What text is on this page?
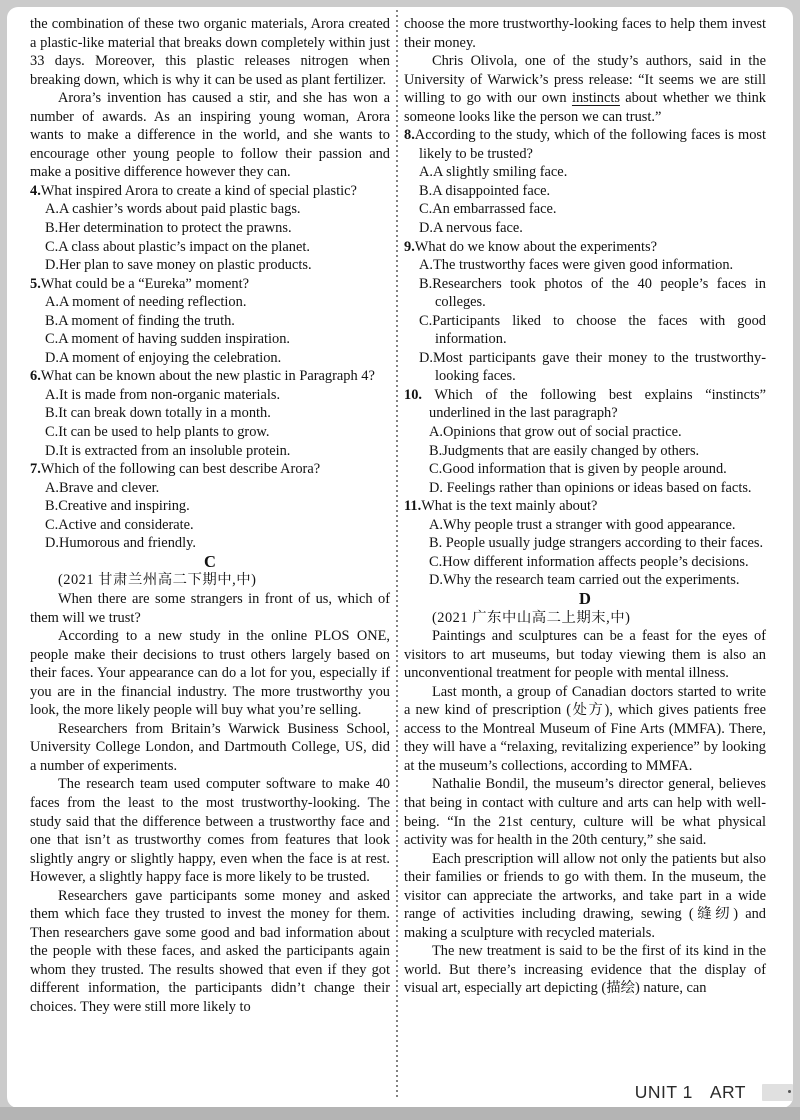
the combination of these two organic materials, Arora created a plastic-like material that breaks down completely within just 33 days. Moreover, this plastic releases nitrogen when breaking down, which is why it can be used as plant fertilizer.
Arora’s invention has caused a stir, and she has won a number of awards. As an inspiring young woman, Arora wants to make a difference in the world, and she wants to encourage other young people to follow their passion and make a positive difference however they can.
4.What inspired Arora to create a kind of special plastic?
A.A cashier’s words about paid plastic bags.
B.Her determination to protect the prawns.
C.A class about plastic’s impact on the planet.
D.Her plan to save money on plastic products.
5.What could be a “Eureka” moment?
A.A moment of needing reflection.
B.A moment of finding the truth.
C.A moment of having sudden inspiration.
D.A moment of enjoying the celebration.
6.What can be known about the new plastic in Paragraph 4?
A.It is made from non-organic materials.
B.It can break down totally in a month.
C.It can be used to help plants to grow.
D.It is extracted from an insoluble protein.
7.Which of the following can best describe Arora?
A.Brave and clever.
B.Creative and inspiring.
C.Active and considerate.
D.Humorous and friendly.
C
(2021 甘肃兰州高二下期中,中)
When there are some strangers in front of us, which of them will we trust?
According to a new study in the online PLOS ONE, people make their decisions to trust others largely based on their faces. Your appearance can do a lot for you, especially if you are in the financial industry. The more trustworthy you look, the more likely people will buy what you’re selling.
Researchers from Britain’s Warwick Business School, University College London, and Dartmouth College, US, did a number of experiments.
The research team used computer software to make 40 faces from the least to the most trustworthy-looking. The study said that the difference between a trustworthy face and one that isn’t as trustworthy comes from features that look slightly angry or slightly happy, even when the face is at rest. However, a slightly happy face is more likely to be trusted.
Researchers gave participants some money and asked them which face they trusted to invest the money for them. Then researchers gave some good and bad information about the people with these faces, and asked the participants again whom they trusted. The results showed that even if they got different information, the participants didn’t change their choices. They were still more likely to
choose the more trustworthy-looking faces to help them invest their money.
Chris Olivola, one of the study’s authors, said in the University of Warwick’s press release: “It seems we are still willing to go with our own instincts about whether we think someone looks like the person we can trust.”
8.According to the study, which of the following faces is most likely to be trusted?
A.A slightly smiling face.
B.A disappointed face.
C.An embarrassed face.
D.A nervous face.
9.What do we know about the experiments?
A.The trustworthy faces were given good information.
B.Researchers took photos of the 40 people’s faces in colleges.
C.Participants liked to choose the faces with good information.
D.Most participants gave their money to the trustworthy-looking faces.
10. Which of the following best explains “instincts” underlined in the last paragraph?
A.Opinions that grow out of social practice.
B.Judgments that are easily changed by others.
C.Good information that is given by people around.
D. Feelings rather than opinions or ideas based on facts.
11.What is the text mainly about?
A.Why people trust a stranger with good appearance.
B. People usually judge strangers according to their faces.
C.How different information affects people’s decisions.
D.Why the research team carried out the experiments.
D
(2021 广东中山高二上期末,中)
Paintings and sculptures can be a feast for the eyes of visitors to art museums, but today viewing them is also an unconventional treatment for people with mental illness.
Last month, a group of Canadian doctors started to write a new kind of prescription (处方), which gives patients free access to the Montreal Museum of Fine Arts (MMFA). There, they will have a “relaxing, revitalizing experience” by looking at the museum’s collections, according to MMFA.
Nathalie Bondil, the museum’s director general, believes that being in contact with culture and arts can help with well-being. “In the 21st century, culture will be what physical activity was for health in the 20th century,” she said.
Each prescription will allow not only the patients but also their families or friends to go with them. In the museum, the visitor can appreciate the artworks, and take part in a wide range of activities including drawing, sewing (缝纫) and making a sculpture with recycled materials.
The new treatment is said to be the first of its kind in the world. But there’s increasing evidence that the display of visual art, especially art depicting (描绘) nature, can
UNIT 1 ART
